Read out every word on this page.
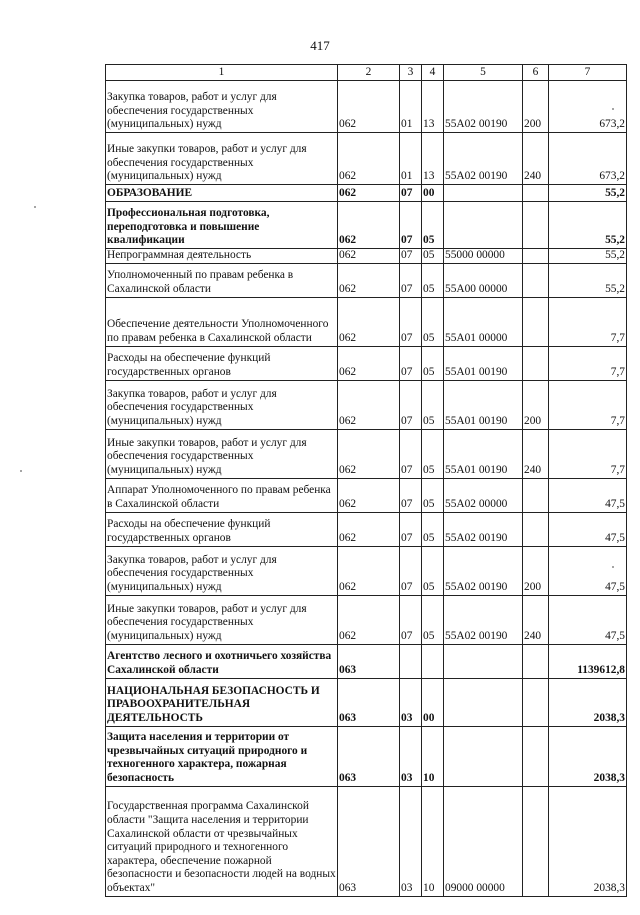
417
1	2	3	4	5	6	7
Закупка товаров, работ и услуг для обеспечения государственных (муниципальных) нужд	062	01	13	55А02 00190	200	673,2
Иные закупки товаров, работ и услуг для обеспечения государственных (муниципальных) нужд	062	01	13	55А02 00190	240	673,2
ОБРАЗОВАНИЕ	062	07	00			55,2
Профессиональная подготовка, переподготовка и повышение квалификации	062	07	05			55,2
Непрограммная деятельность	062	07	05	55000 00000		55,2
Уполномоченный по правам ребенка в Сахалинской области	062	07	05	55А00 00000		55,2
Обеспечение деятельности Уполномоченного по правам ребенка в Сахалинской области	062	07	05	55А01 00000		7,7
Расходы на обеспечение функций государственных органов	062	07	05	55А01 00190		7,7
Закупка товаров, работ и услуг для обеспечения государственных (муниципальных) нужд	062	07	05	55А01 00190	200	7,7
Иные закупки товаров, работ и услуг для обеспечения государственных (муниципальных) нужд	062	07	05	55А01 00190	240	7,7
Аппарат Уполномоченного по правам ребенка в Сахалинской области	062	07	05	55А02 00000		47,5
Расходы на обеспечение функций государственных органов	062	07	05	55А02 00190		47,5
Закупка товаров, работ и услуг для обеспечения государственных (муниципальных) нужд	062	07	05	55А02 00190	200	47,5
Иные закупки товаров, работ и услуг для обеспечения государственных (муниципальных) нужд	062	07	05	55А02 00190	240	47,5
Агентство лесного и охотничьего хозяйства Сахалинской области	063					1139612,8
НАЦИОНАЛЬНАЯ БЕЗОПАСНОСТЬ И ПРАВООХРАНИТЕЛЬНАЯ ДЕЯТЕЛЬНОСТЬ	063	03	00			2038,3
Защита населения и территории от чрезвычайных ситуаций природного и техногенного характера, пожарная безопасность	063	03	10			2038,3
Государственная программа Сахалинской области "Защита населения и территории Сахалинской области от чрезвычайных ситуаций природного и техногенного характера, обеспечение пожарной безопасности и безопасности людей на водных объектах"	063	03	10	09000 00000		2038,3
